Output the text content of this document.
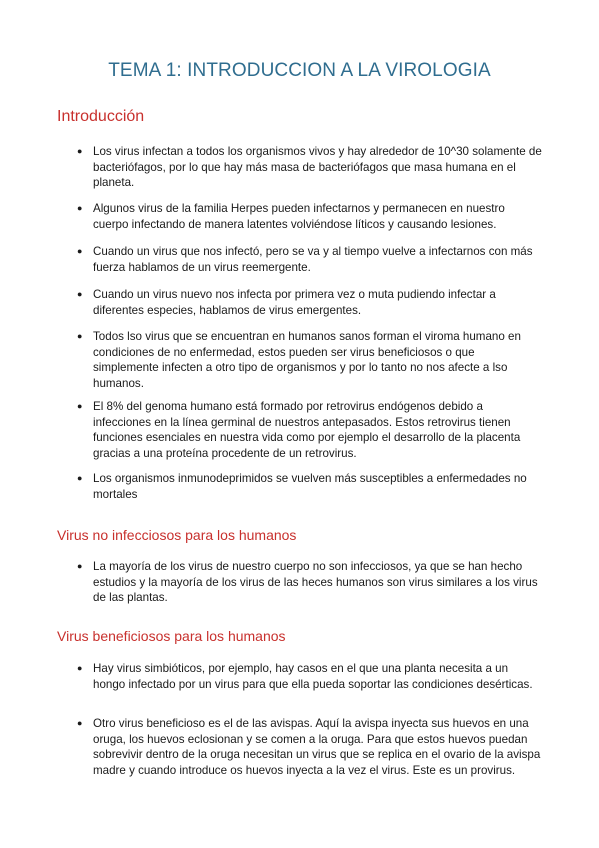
TEMA 1: INTRODUCCION A LA VIROLOGIA
Introducción
● Los virus infectan a todos los organismos vivos y hay alrededor de 10^30 solamente de bacteriófagos, por lo que hay más masa de bacteriófagos que masa humana en el planeta.
● Algunos virus de la familia Herpes pueden infectarnos y permanecen en nuestro cuerpo infectando de manera latentes volviéndose líticos y causando lesiones.
● Cuando un virus que nos infectó, pero se va y al tiempo vuelve a infectarnos con más fuerza hablamos de un virus reemergente.
● Cuando un virus nuevo nos infecta por primera vez o muta pudiendo infectar a diferentes especies, hablamos de virus emergentes.
● Todos lso virus que se encuentran en humanos sanos forman el viroma humano en condiciones de no enfermedad, estos pueden ser virus beneficiosos o que simplemente infecten a otro tipo de organismos y por lo tanto no nos afecte a lso humanos.
● El 8% del genoma humano está formado por retrovirus endógenos debido a infecciones en la línea germinal de nuestros antepasados. Estos retrovirus tienen funciones esenciales en nuestra vida como por ejemplo el desarrollo de la placenta gracias a una proteína procedente de un retrovirus.
● Los organismos inmunodeprimidos se vuelven más susceptibles a enfermedades no mortales
Virus no infecciosos para los humanos
● La mayoría de los virus de nuestro cuerpo no son infecciosos, ya que se han hecho estudios y la mayoría de los virus de las heces humanos son virus similares a los virus de las plantas.
Virus beneficiosos para los humanos
● Hay virus simbióticos, por ejemplo, hay casos en el que una planta necesita a un hongo infectado por un virus para que ella pueda soportar las condiciones desérticas.
● Otro virus beneficioso es el de las avispas. Aquí la avispa inyecta sus huevos en una oruga, los huevos eclosionan y se comen a la oruga. Para que estos huevos puedan sobrevivir dentro de la oruga necesitan un virus que se replica en el ovario de la avispa madre y cuando introduce os huevos inyecta a la vez el virus. Este es un provirus.
